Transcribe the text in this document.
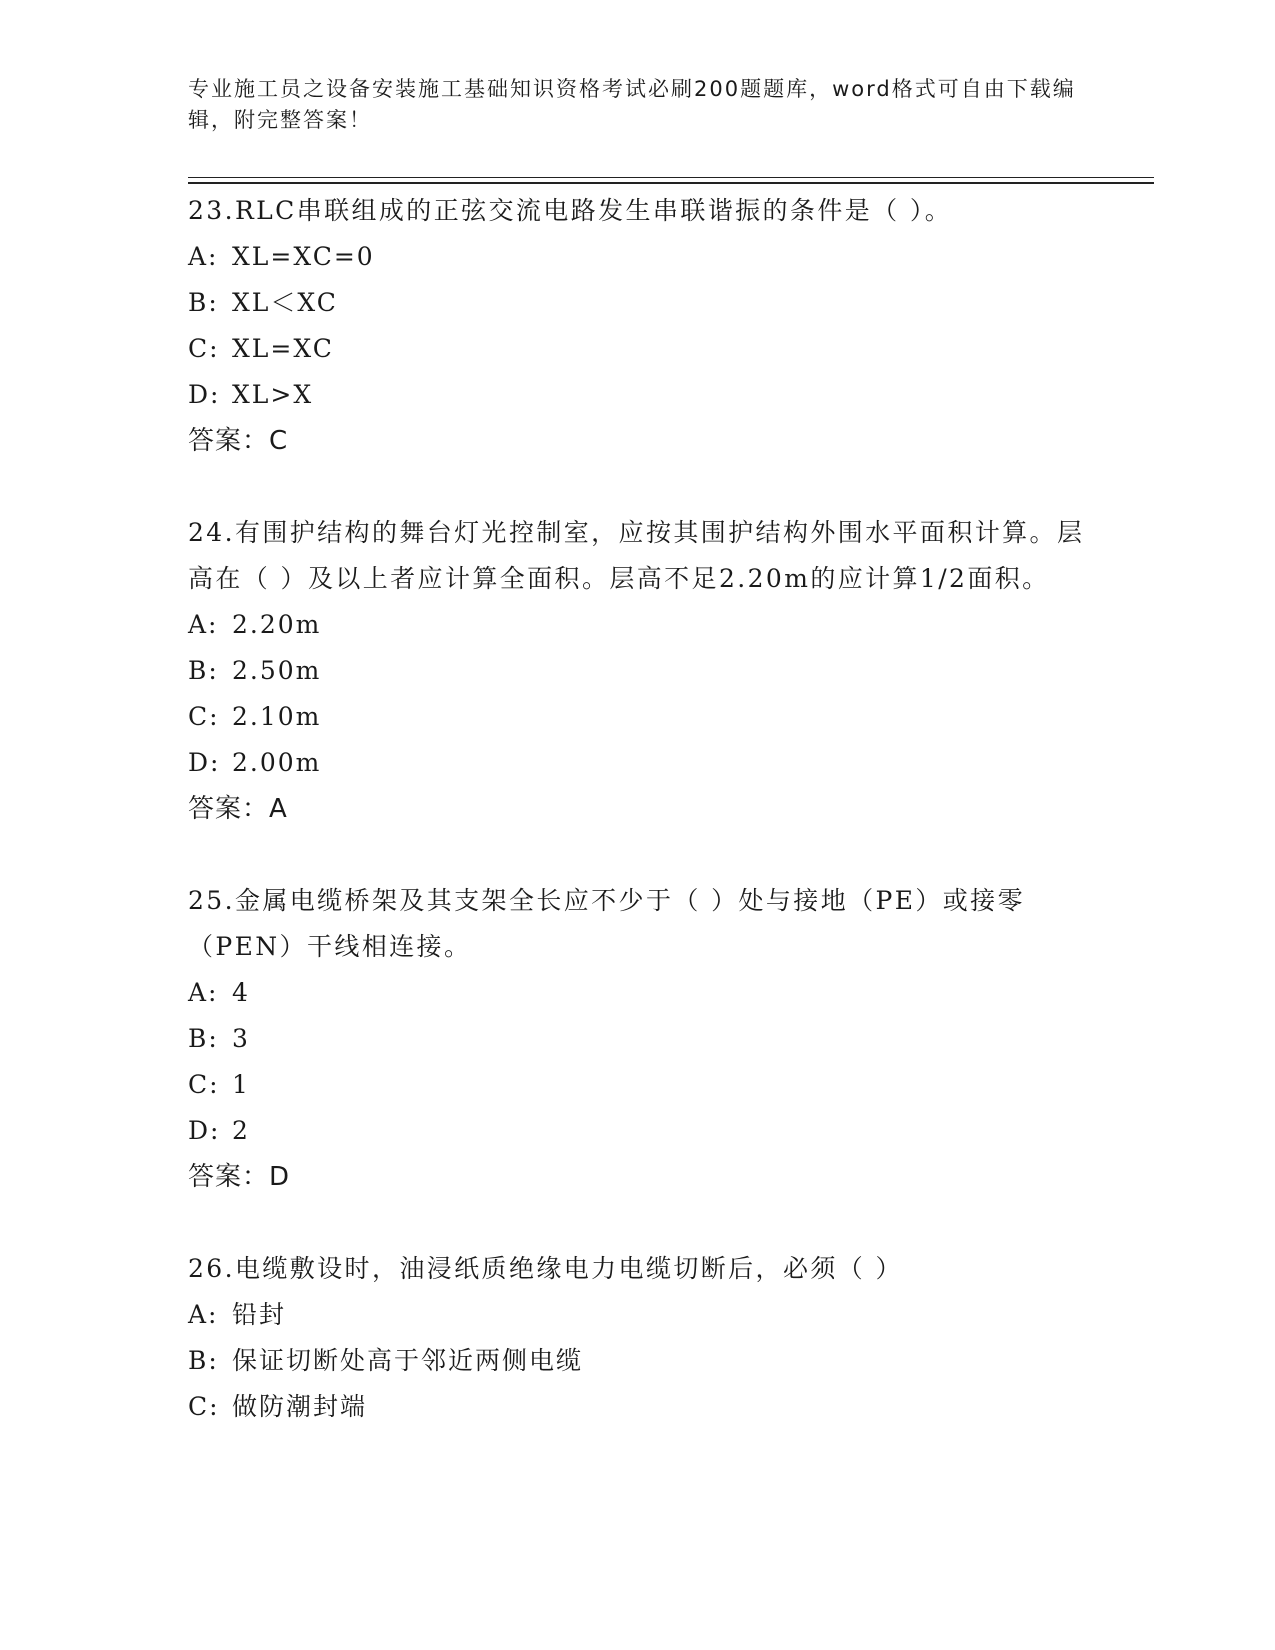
专业施工员之设备安装施工基础知识资格考试必刷200题题库，word格式可自由下载编辑，附完整答案！

23.RLC串联组成的正弦交流电路发生串联谐振的条件是（ ）。

A: XL=XC=0

B: XL＜XC

C: XL=XC

D: XL>X

答案：C

24.有围护结构的舞台灯光控制室，应按其围护结构外围水平面积计算。层高在（ ）及以上者应计算全面积。层高不足2.20m的应计算1/2面积。

A: 2.20m

B: 2.50m

C: 2.10m

D: 2.00m

答案：A

25.金属电缆桥架及其支架全长应不少于（ ）处与接地（PE）或接零（PEN）干线相连接。

A: 4

B: 3

C: 1

D: 2

答案：D

26.电缆敷设时，油浸纸质绝缘电力电缆切断后，必须（ ）

A: 铅封

B: 保证切断处高于邻近两侧电缆

C: 做防潮封端
